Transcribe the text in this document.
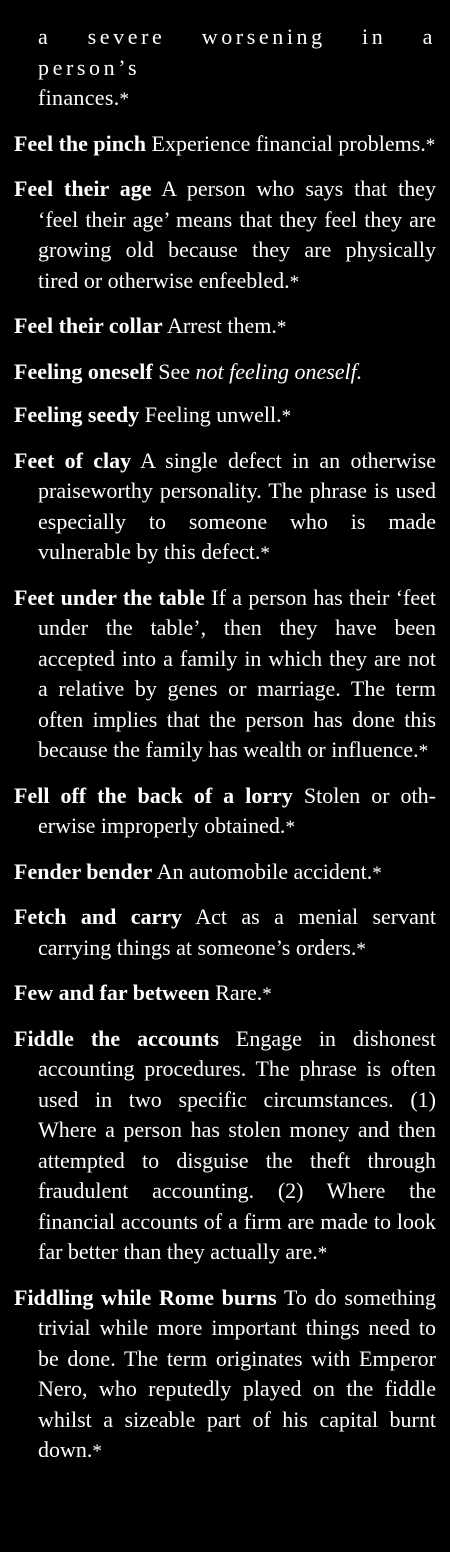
a severe worsening in a person’s
finances.*

Feel the pinch Experience financial problems.*

Feel their age A person who says that they ‘feel their age’ means that they feel they are growing old because they are physically tired or otherwise enfeebled.*

Feel their collar Arrest them.*

Feeling oneself See not feeling oneself.

Feeling seedy Feeling unwell.*

Feet of clay A single defect in an otherwise praiseworthy personality. The phrase is used especially to someone who is made vulnerable by this defect.*

Feet under the table If a person has their ‘feet under the table’, then they have been accepted into a family in which they are not a relative by genes or marriage. The term often implies that the person has done this because the family has wealth or influence.*

Fell off the back of a lorry Stolen or otherwise improperly obtained.*

Fender bender An automobile accident.*

Fetch and carry Act as a menial servant carrying things at someone’s orders.*

Few and far between Rare.*

Fiddle the accounts Engage in dishonest accounting procedures. The phrase is often used in two specific circumstances. (1) Where a person has stolen money and then attempted to disguise the theft through fraudulent accounting. (2) Where the financial accounts of a firm are made to look far better than they actually are.*

Fiddling while Rome burns To do something trivial while more important things need to be done. The term originates with Emperor Nero, who reputedly played on the fiddle whilst a sizeable part of his capital burnt down.*
